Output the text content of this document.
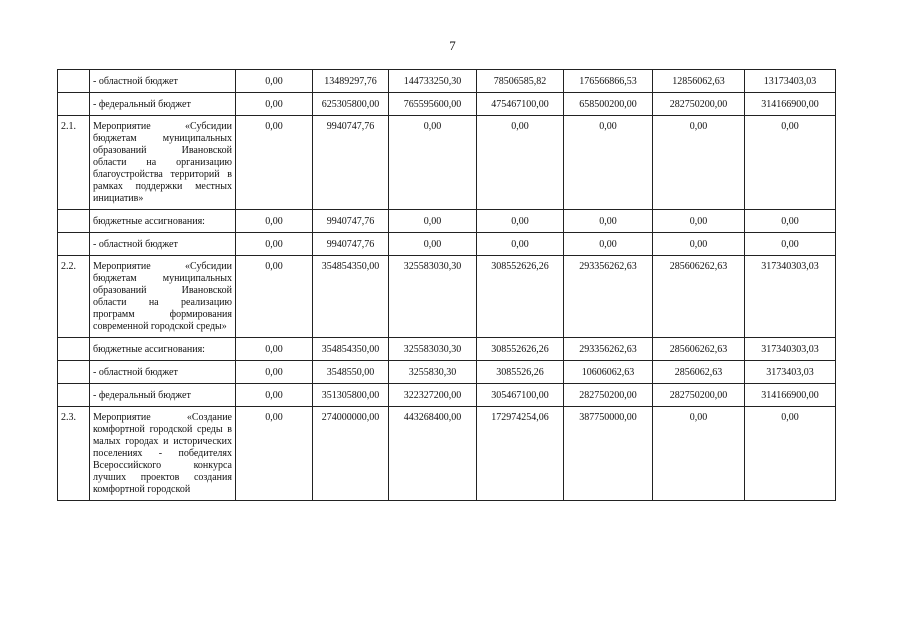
7
	- областной бюджет	0,00	13489297,76	144733250,30	78506585,82	176566866,53	12856062,63	13173403,03
	- федеральный бюджет	0,00	625305800,00	765595600,00	475467100,00	658500200,00	282750200,00	314166900,00
2.1.	Мероприятие «Субсидии бюджетам муниципальных образований Ивановской области на организацию благоустройства территорий в рамках поддержки местных инициатив»	0,00	9940747,76	0,00	0,00	0,00	0,00	0,00
	бюджетные ассигнования:	0,00	9940747,76	0,00	0,00	0,00	0,00	0,00
	- областной бюджет	0,00	9940747,76	0,00	0,00	0,00	0,00	0,00
2.2.	Мероприятие «Субсидии бюджетам муниципальных образований Ивановской области на реализацию программ формирования современной городской среды»	0,00	354854350,00	325583030,30	308552626,26	293356262,63	285606262,63	317340303,03
	бюджетные ассигнования:	0,00	354854350,00	325583030,30	308552626,26	293356262,63	285606262,63	317340303,03
	- областной бюджет	0,00	3548550,00	3255830,30	3085526,26	10606062,63	2856062,63	3173403,03
	- федеральный бюджет	0,00	351305800,00	322327200,00	305467100,00	282750200,00	282750200,00	314166900,00
2.3.	Мероприятие «Создание комфортной городской среды в малых городах и исторических поселениях - победителях Всероссийского конкурса лучших проектов создания комфортной городской	0,00	274000000,00	443268400,00	172974254,06	387750000,00	0,00	0,00
